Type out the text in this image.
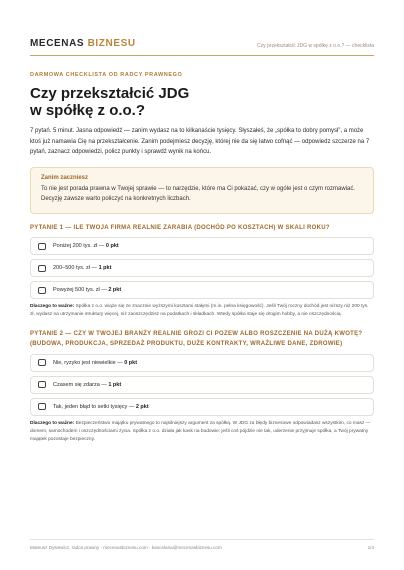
MECENAS BIZNESU	Czy przekształcić JDG w spółkę z o.o.? — checklista
DARMOWA CHECKLISTA OD RADCY PRAWNEGO
Czy przekształcić JDG
w spółkę z o.o.?
7 pytań. 5 minut. Jasna odpowiedź — zanim wydasz na to kilkanaście tysięcy. Słyszałeś, że „spółka to dobry pomysł”, a może ktoś już namawia Cię na przekształcenie. Zanim podejmiesz decyzję, której nie da się łatwo cofnąć — odpowiedz szczerze na 7 pytań, zaznacz odpowiedzi, policz punkty i sprawdź wynik na końcu.
Zanim zaczniesz
To nie jest porada prawna w Twojej sprawie — to narzędzie, które ma Ci pokazać, czy w ogóle jest o czym rozmawiać. Decyzję zawsze warto policzyć na konkretnych liczbach.
PYTANIE 1 — ILE TWOJA FIRMA REALNIE ZARABIA (DOCHÓD PO KOSZTACH) W SKALI ROKU?
Poniżej 200 tys. zł — 0 pkt
200–500 tys. zł — 1 pkt
Powyżej 500 tys. zł — 2 pkt
Dlaczego to ważne: Spółka z o.o. wiąże się ze znacznie wyższymi kosztami stałymi (m.in. pełna księgowość). Jeśli Twój roczny dochód jest niższy niż 200 tys. zł, wydasz na utrzymanie struktury więcej, niż zaoszczędzisz na podatkach i składkach. Wtedy spółka staje się drogim hobby, a nie oszczędnością.
PYTANIE 2 — CZY W TWOJEJ BRANŻY REALNIE GROZI CI POZEW ALBO ROSZCZENIE NA DUŻĄ KWOTĘ? (BUDOWA, PRODUKCJA, SPRZEDAŻ PRODUKTU, DUŻE KONTRAKTY, WRAŻLIWE DANE, ZDROWIE)
Nie, ryzyko jest niewielkie — 0 pkt
Czasem się zdarza — 1 pkt
Tak, jeden błąd to setki tysięcy — 2 pkt
Dlaczego to ważne: Bezpieczeństwo majątku prywatnego to najsilniejszy argument za spółką. W JDG za błędy biznesowe odpowiadasz wszystkim, co masz — domem, samochodem i oszczędnościami życia. Spółka z o.o. działa jak kask na budowie: jeśli coś pójdzie nie tak, uderzenie przyjmuje spółka, a Twój prywatny majątek pozostaje bezpieczny.
Mateusz Dysiewicz, radca prawny · mecenasbiznesu.com · kancelaria@mecenasbiznesu.com	1/4
